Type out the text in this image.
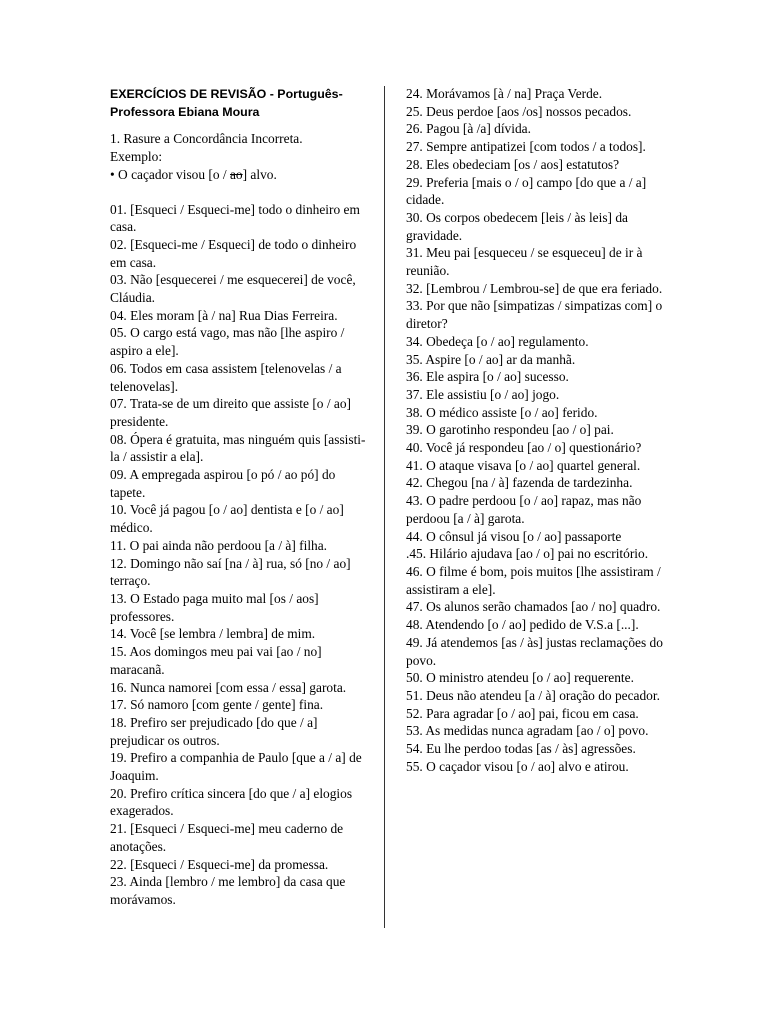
EXERCÍCIOS DE REVISÃO - Português- Professora Ebiana Moura
1. Rasure a Concordância Incorreta.
Exemplo:
• O caçador visou [o / ao] alvo.
01. [Esqueci / Esqueci-me] todo o dinheiro em casa.
02. [Esqueci-me / Esqueci] de todo o dinheiro em casa.
03. Não [esquecerei / me esquecerei] de você, Cláudia.
04. Eles moram [à / na] Rua Dias Ferreira.
05. O cargo está vago, mas não [lhe aspiro / aspiro a ele].
06. Todos em casa assistem [telenovelas / a telenovelas].
07. Trata-se de um direito que assiste [o / ao] presidente.
08. Ópera é gratuita, mas ninguém quis [assisti-la / assistir a ela].
09. A empregada aspirou [o pó / ao pó] do tapete.
10. Você já pagou [o / ao] dentista e [o / ao] médico.
11. O pai ainda não perdoou [a / à] filha.
12. Domingo não saí [na / à] rua, só [no / ao] terraço.
13. O Estado paga muito mal [os / aos] professores.
14. Você [se lembra / lembra] de mim.
15. Aos domingos meu pai vai [ao / no] maracanã.
16. Nunca namorei [com essa / essa] garota.
17. Só namoro [com gente / gente] fina.
18. Prefiro ser prejudicado [do que / a] prejudicar os outros.
19. Prefiro a companhia de Paulo [que a / a] de Joaquim.
20. Prefiro crítica sincera [do que / a] elogios exagerados.
21. [Esqueci / Esqueci-me] meu caderno de anotações.
22. [Esqueci / Esqueci-me] da promessa.
23. Ainda [lembro / me lembro] da casa que morávamos.
24. Morávamos [à / na] Praça Verde.
25. Deus perdoe [aos /os] nossos pecados.
26. Pagou [à /a] dívida.
27. Sempre antipatizei [com todos / a todos].
28. Eles obedeciam [os / aos] estatutos?
29. Preferia [mais o / o] campo [do que a / a] cidade.
30. Os corpos obedecem [leis / às leis] da gravidade.
31. Meu pai [esqueceu / se esqueceu] de ir à reunião.
32. [Lembrou / Lembrou-se] de que era feriado.
33. Por que não [simpatizas / simpatizas com] o diretor?
34. Obedeça [o / ao] regulamento.
35. Aspire [o / ao] ar da manhã.
36. Ele aspira [o / ao] sucesso.
37. Ele assistiu [o / ao] jogo.
38. O médico assiste [o / ao] ferido.
39. O garotinho respondeu [ao / o] pai.
40. Você já respondeu [ao / o] questionário?
41. O ataque visava [o / ao] quartel general.
42. Chegou [na / à] fazenda de tardezinha.
43. O padre perdoou [o / ao] rapaz, mas não perdoou [a / à] garota.
44. O cônsul já visou [o / ao] passaporte
.45. Hilário ajudava [ao / o] pai no escritório.
46. O filme é bom, pois muitos [lhe assistiram / assistiram a ele].
47. Os alunos serão chamados [ao / no] quadro.
48. Atendendo [o / ao] pedido de V.S.a [...].
49. Já atendemos [as / às] justas reclamações do povo.
50. O ministro atendeu [o / ao] requerente.
51. Deus não atendeu [a / à] oração do pecador.
52. Para agradar [o / ao] pai, ficou em casa.
53. As medidas nunca agradam [ao / o] povo.
54. Eu lhe perdoo todas [as / às] agressões.
55. O caçador visou [o / ao] alvo e atirou.
